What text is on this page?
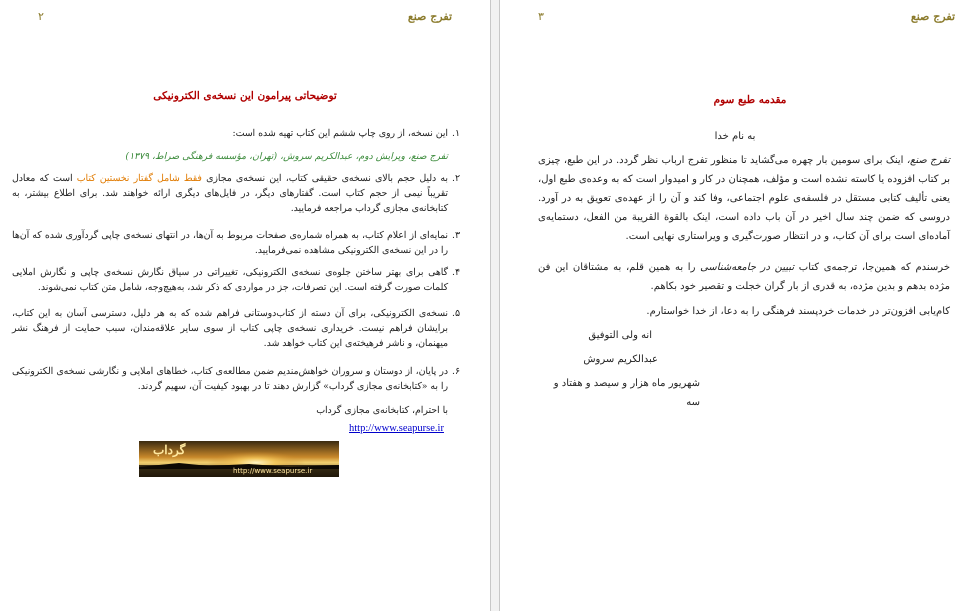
تفرج صنع
۲
توضیحاتی پیرامون این نسخه‌ی الکترونیکی
۱.
این نسخه، از روی چاپ ششم این کتاب تهیه شده است:
تفرج صنع، ویرایش دوم، عبدالکریم سروش، (تهران، مؤسسه فرهنگی صراط، ۱۳۷۹)
۲.
به دلیل حجم بالای نسخه‌ی حقیقی کتاب، این نسخه‌ی مجازی فقط شامل گفتار نخستین کتاب است که معادل تقریباً نیمی از حجم کتاب است. گفتارهای دیگر، در فایل‌های دیگری ارائه خواهند شد. برای اطلاع بیشتر، به کتابخانه‌ی مجازی گرداب مراجعه فرمایید.
۳.
نمایه‌ای از اعلام کتاب، به همراه شماره‌ی صفحات مربوط به آن‌ها، در انتهای نسخه‌ی چاپی گردآوری شده که آن‌ها را در این نسخه‌ی الکترونیکی مشاهده نمی‌فرمایید.
۴.
گاهی برای بهتر ساختن جلوه‌ی نسخه‌ی الکترونیکی، تغییراتی در سیاق نگارش نسخه‌ی چاپی و نگارش املایی کلمات صورت گرفته است. این تصرفات، جز در مواردی که ذکر شد، به‌هیچ‌وجه، شامل متن کتاب نمی‌شوند.
۵.
نسخه‌ی الکترونیکی، برای آن دسته از کتاب‌دوستانی فراهم شده که به هر دلیل، دسترسی آسان به این کتاب، برایشان فراهم نیست. خریداری نسخه‌ی چاپی کتاب از سوی سایر علاقه‌مندان، سبب حمایت از فرهنگ نشر میهنمان، و ناشر فرهیخته‌ی این کتاب خواهد شد.
۶.
در پایان، از دوستان و سروران خواهش‌مندیم ضمن مطالعه‌ی کتاب، خطاهای املایی و نگارشی نسخه‌ی الکترونیکی را به «کتابخانه‌ی مجازی گرداب» گزارش دهند تا در بهبود کیفیت آن، سهیم گردند.
با احترام، کتابخانه‌ی مجازی گرداب
http://www.seapurse.ir
گرداب
http://www.seapurse.ir
تفرج صنع
۳
مقدمه طبع سوم
به نام خدا
تفرج صنع، اینک برای سومین بار چهره می‌گشاید تا منظور تفرج ارباب نظر گردد. در این طبع، چیزی بر کتاب افزوده یا کاسته نشده است و مؤلف، همچنان در کار و امیدوار است که به وعده‌ی طبع اول، یعنی تألیف کتابی مستقل در فلسفه‌ی علوم اجتماعی، وفا کند و آن را از عهده‌ی تعویق به در آورد. دروسی که ضمن چند سال اخیر در آن باب داده است، اینک بالقوة القریبة من الفعل، دستمایه‌ی آماده‌ای است برای آن کتاب، و در انتظار صورت‌گیری و ویراستاری نهایی است.
خرسندم که همین‌جا، ترجمه‌ی کتاب تبیین در جامعه‌شناسی را به همین قلم، به مشتاقان این فن مژده بدهم و بدین مژده، به قدری از بار گران خجلت و تقصیر خود بکاهم.
کام‌یابی افزون‌تر در خدمات خردپسند فرهنگی را به دعا، از خدا خواستارم.
انه ولی التوفیق
عبدالکریم سروش
شهریور ماه هزار و سیصد و هفتاد و سه
